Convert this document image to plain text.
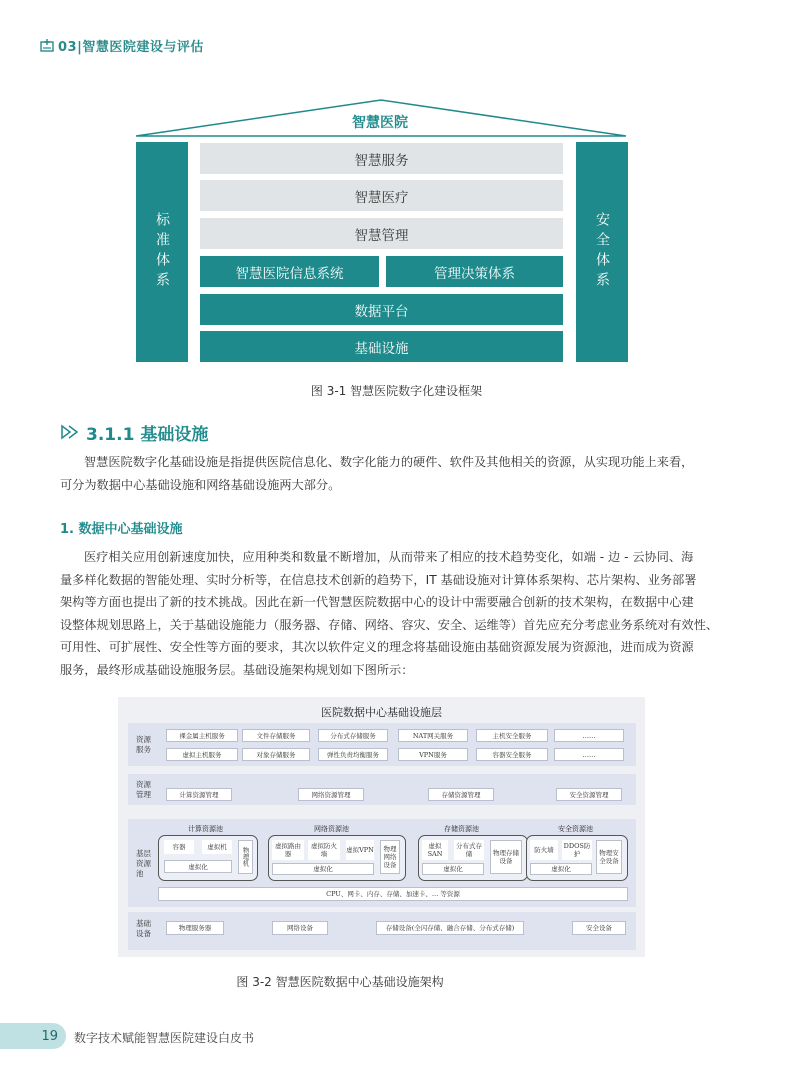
03|智慧医院建设与评估
智慧医院
标准体系	安全体系
智慧服务
智慧医疗
智慧管理
智慧医院信息系统	管理决策体系
数据平台
基础设施
图 3-1 智慧医院数字化建设框架
3.1.1 基础设施

智慧医院数字化基础设施是指提供医院信息化、数字化能力的硬件、软件及其他相关的资源，从实现功能上来看，

可分为数据中心基础设施和网络基础设施两大部分。
1. 数据中心基础设施

医疗相关应用创新速度加快，应用种类和数量不断增加，从而带来了相应的技术趋势变化，如端 - 边 - 云协同、海

量多样化数据的智能处理、实时分析等，在信息技术创新的趋势下，IT 基础设施对计算体系架构、芯片架构、业务部署
架构等方面也提出了新的技术挑战。因此在新一代智慧医院数据中心的设计中需要融合创新的技术架构，在数据中心建
设整体规划思路上，关于基础设施能力（服务器、存储、网络、容灾、安全、运维等）首先应充分考虑业务系统对有效性、
可用性、可扩展性、安全性等方面的要求，其次以软件定义的理念将基础设施由基础资源发展为资源池，进而成为资源
服务，最终形成基础设施服务层。基础设施架构规划如下图所示：
医院数据中心基础设施层
资源服务
裸金属主机服务	文件存储服务	分布式存储服务	NAT网关服务	主机安全服务	……
虚拟主机服务	对象存储服务	弹性负责均衡服务	VPN服务	容器安全服务	……
资源管理	计算资源管理	网络资源管理	存储资源管理	安全资源管理
基层资源池
计算资源池
容器	虚拟机
虚拟化	物理机
网络资源池
虚拟路由器
虚拟防火墙	虚拟VPN
虚拟化
物理网络设备
存储资源池
虚拟SAN
分布式存储
虚拟化
物理存储设备
安全资源池
防火墙	DDOS防护
虚拟化
物理安全设备
CPU、网卡、内存、存储、加速卡、… 等资源
基础设备
物理服务器	网络设备	存储设备(全闪存储、融合存储、分布式存储)	安全设备
图 3-2 智慧医院数据中心基础设施架构
19	数字技术赋能智慧医院建设白皮书
